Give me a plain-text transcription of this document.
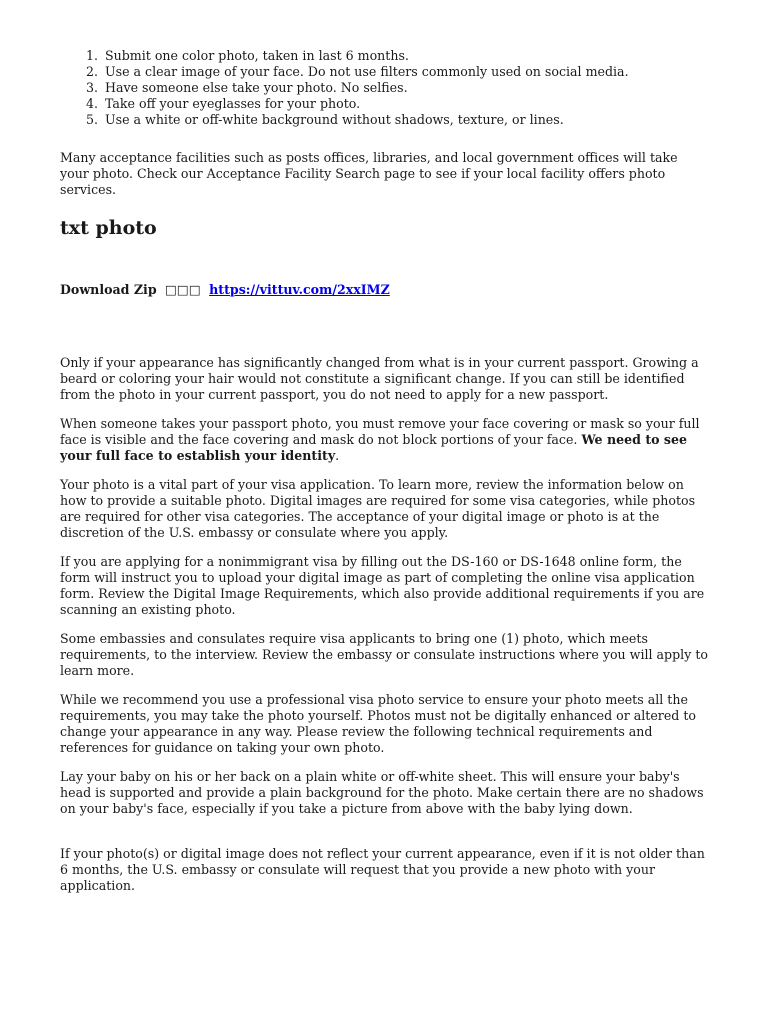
1. Submit one color photo, taken in last 6 months.
2. Use a clear image of your face. Do not use filters commonly used on social media.
3. Have someone else take your photo. No selfies.
4. Take off your eyeglasses for your photo.
5. Use a white or off-white background without shadows, texture, or lines.

Many acceptance facilities such as posts offices, libraries, and local government offices will take your photo. Check our Acceptance Facility Search page to see if your local facility offers photo services.

txt photo
Download Zip □□□ https://vittuv.com/2xxIMZ

Only if your appearance has significantly changed from what is in your current passport. Growing a beard or coloring your hair would not constitute a significant change. If you can still be identified from the photo in your current passport, you do not need to apply for a new passport.

When someone takes your passport photo, you must remove your face covering or mask so your full face is visible and the face covering and mask do not block portions of your face. We need to see your full face to establish your identity.

Your photo is a vital part of your visa application. To learn more, review the information below on how to provide a suitable photo. Digital images are required for some visa categories, while photos are required for other visa categories. The acceptance of your digital image or photo is at the discretion of the U.S. embassy or consulate where you apply.

If you are applying for a nonimmigrant visa by filling out the DS-160 or DS-1648 online form, the form will instruct you to upload your digital image as part of completing the online visa application form. Review the Digital Image Requirements, which also provide additional requirements if you are scanning an existing photo.

Some embassies and consulates require visa applicants to bring one (1) photo, which meets requirements, to the interview. Review the embassy or consulate instructions where you will apply to learn more.

While we recommend you use a professional visa photo service to ensure your photo meets all the requirements, you may take the photo yourself. Photos must not be digitally enhanced or altered to change your appearance in any way. Please review the following technical requirements and references for guidance on taking your own photo.

Lay your baby on his or her back on a plain white or off-white sheet. This will ensure your baby's head is supported and provide a plain background for the photo. Make certain there are no shadows on your baby's face, especially if you take a picture from above with the baby lying down.

If your photo(s) or digital image does not reflect your current appearance, even if it is not older than 6 months, the U.S. embassy or consulate will request that you provide a new photo with your application.
